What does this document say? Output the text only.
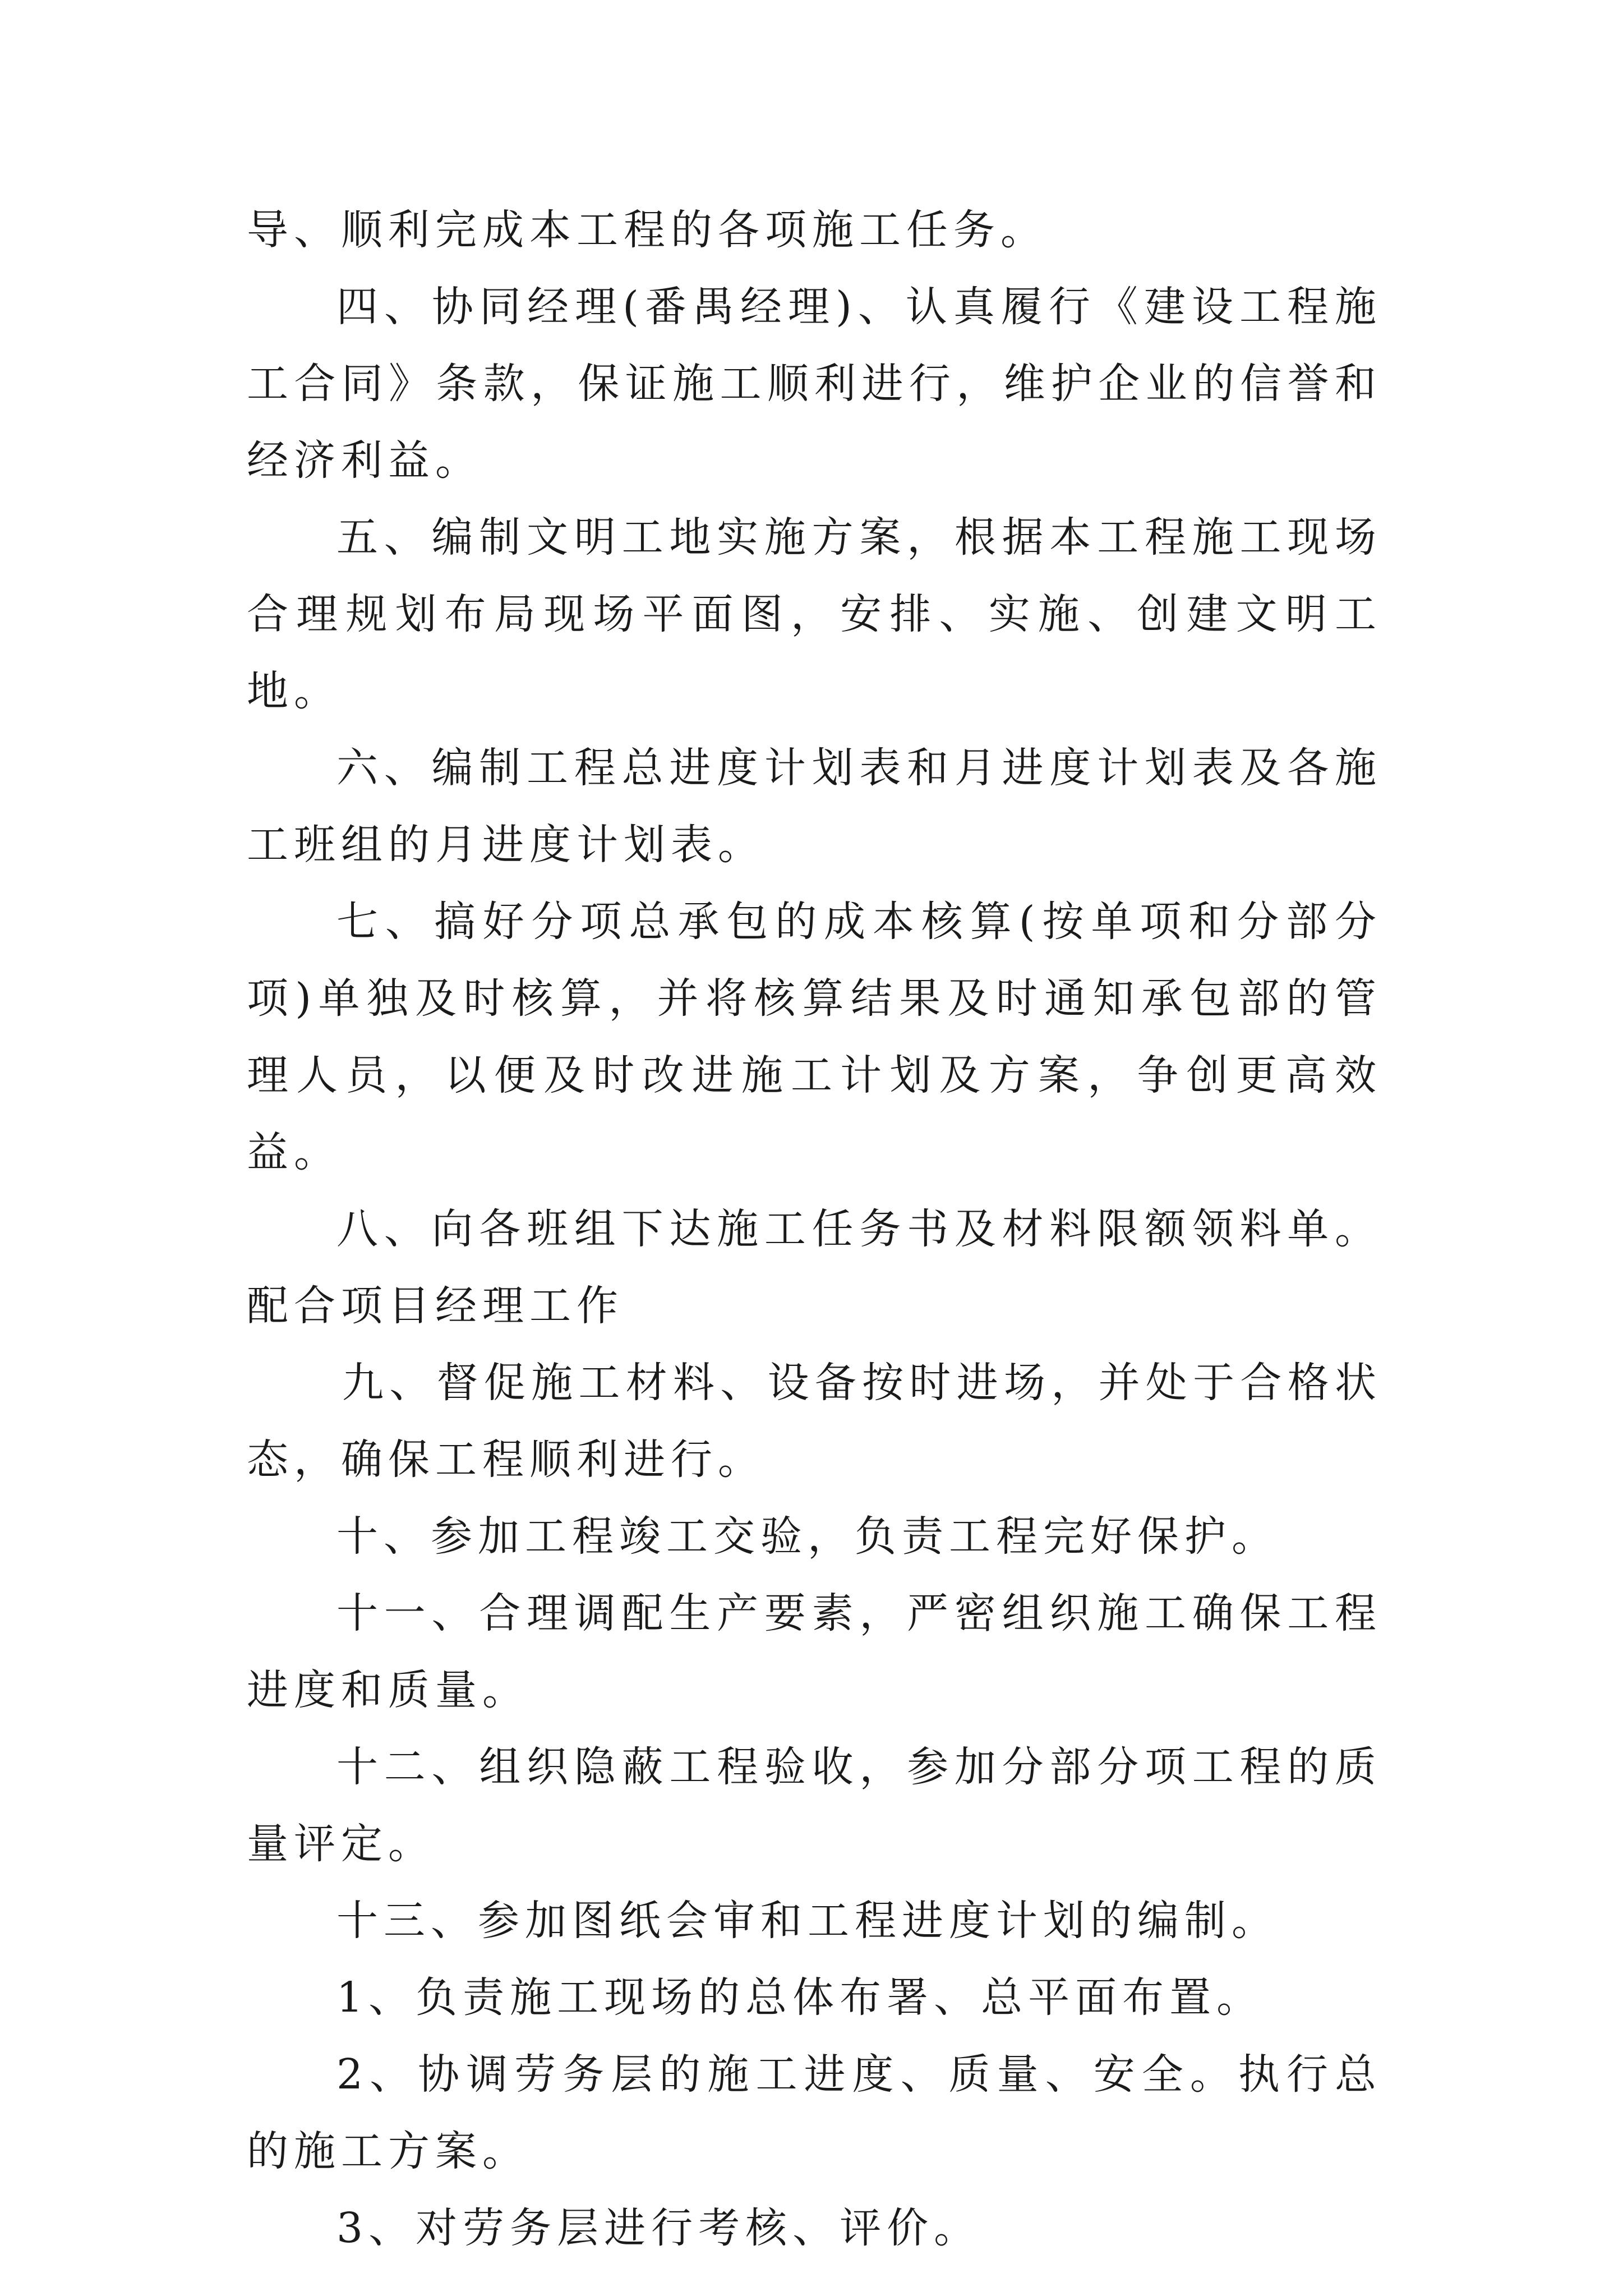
导、顺利完成本工程的各项施工任务。

四、协同经理(番禺经理)、认真履行《建设工程施工合同》条款，保证施工顺利进行，维护企业的信誉和经济利益。

五、编制文明工地实施方案，根据本工程施工现场合理规划布局现场平面图，安排、实施、创建文明工地。

六、编制工程总进度计划表和月进度计划表及各施工班组的月进度计划表。

七、搞好分项总承包的成本核算(按单项和分部分项)单独及时核算，并将核算结果及时通知承包部的管理人员，以便及时改进施工计划及方案，争创更高效益。

八、向各班组下达施工任务书及材料限额领料单。配合项目经理工作

九、督促施工材料、设备按时进场，并处于合格状态，确保工程顺利进行。

十、参加工程竣工交验，负责工程完好保护。

十一、合理调配生产要素，严密组织施工确保工程进度和质量。

十二、组织隐蔽工程验收，参加分部分项工程的质量评定。

十三、参加图纸会审和工程进度计划的编制。

1、负责施工现场的总体布署、总平面布置。

2、协调劳务层的施工进度、质量、安全。执行总的施工方案。

3、对劳务层进行考核、评价。
